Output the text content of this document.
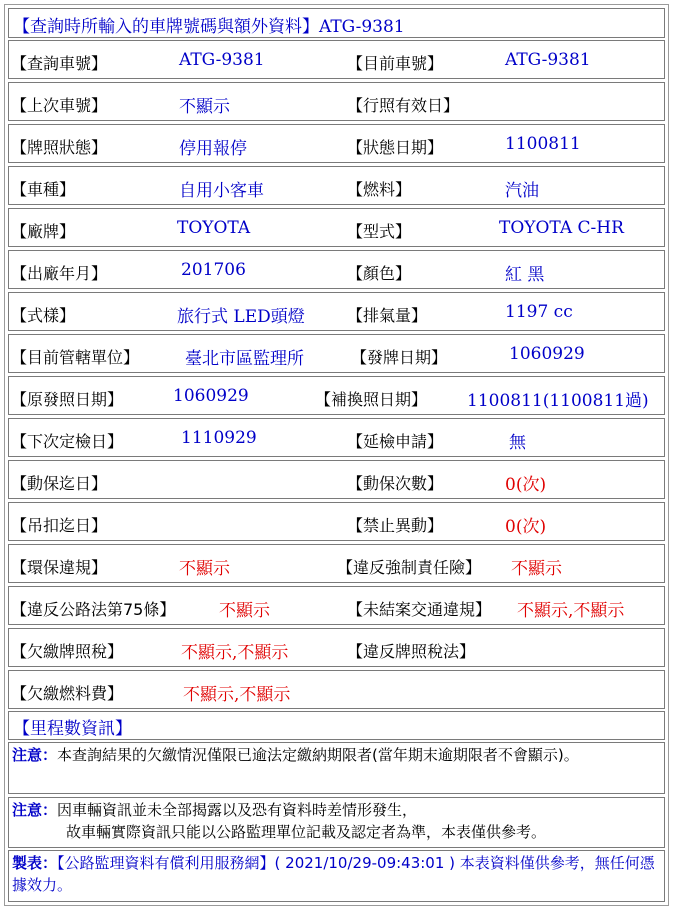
【查詢時所輸入的車牌號碼與額外資料】ATG-9381
【查詢車號】	ATG-9381	【目前車號】	ATG-9381
【上次車號】	不顯示	【行照有效日】
【牌照狀態】	停用報停	【狀態日期】	1100811
【車種】	自用小客車	【燃料】	汽油
【廠牌】	TOYOTA	【型式】	TOYOTA C-HR
【出廠年月】	201706	【顏色】	紅 黑
【式樣】	旅行式 LED頭燈	【排氣量】	1197 cc
【目前管轄單位】	臺北市區監理所	【發牌日期】	1060929
【原發照日期】	1060929	【補換照日期】 1100811(1100811過)
【下次定檢日】	1110929	【延檢申請】	無
【動保迄日】	【動保次數】	0(次)
【吊扣迄日】	【禁止異動】	0(次)
【環保違規】	不顯示	【違反強制責任險】 不顯示
【違反公路法第75條】	不顯示	【未結案交通違規】 不顯示,不顯示
【欠繳牌照稅】	不顯示,不顯示	【違反牌照稅法】
【欠繳燃料費】	不顯示,不顯示
【里程數資訊】
注意：本查詢結果的欠繳情況僅限已逾法定繳納期限者(當年期末逾期限者不會顯示)。
注意：因車輛資訊並未全部揭露以及恐有資料時差情形發生，
故車輛實際資訊只能以公路監理單位記載及認定者為準，本表僅供參考。
製表：【公路監理資料有償利用服務網】( 2021/10/29-09:43:01 ) 本表資料僅供參考，無任何憑據效力。
